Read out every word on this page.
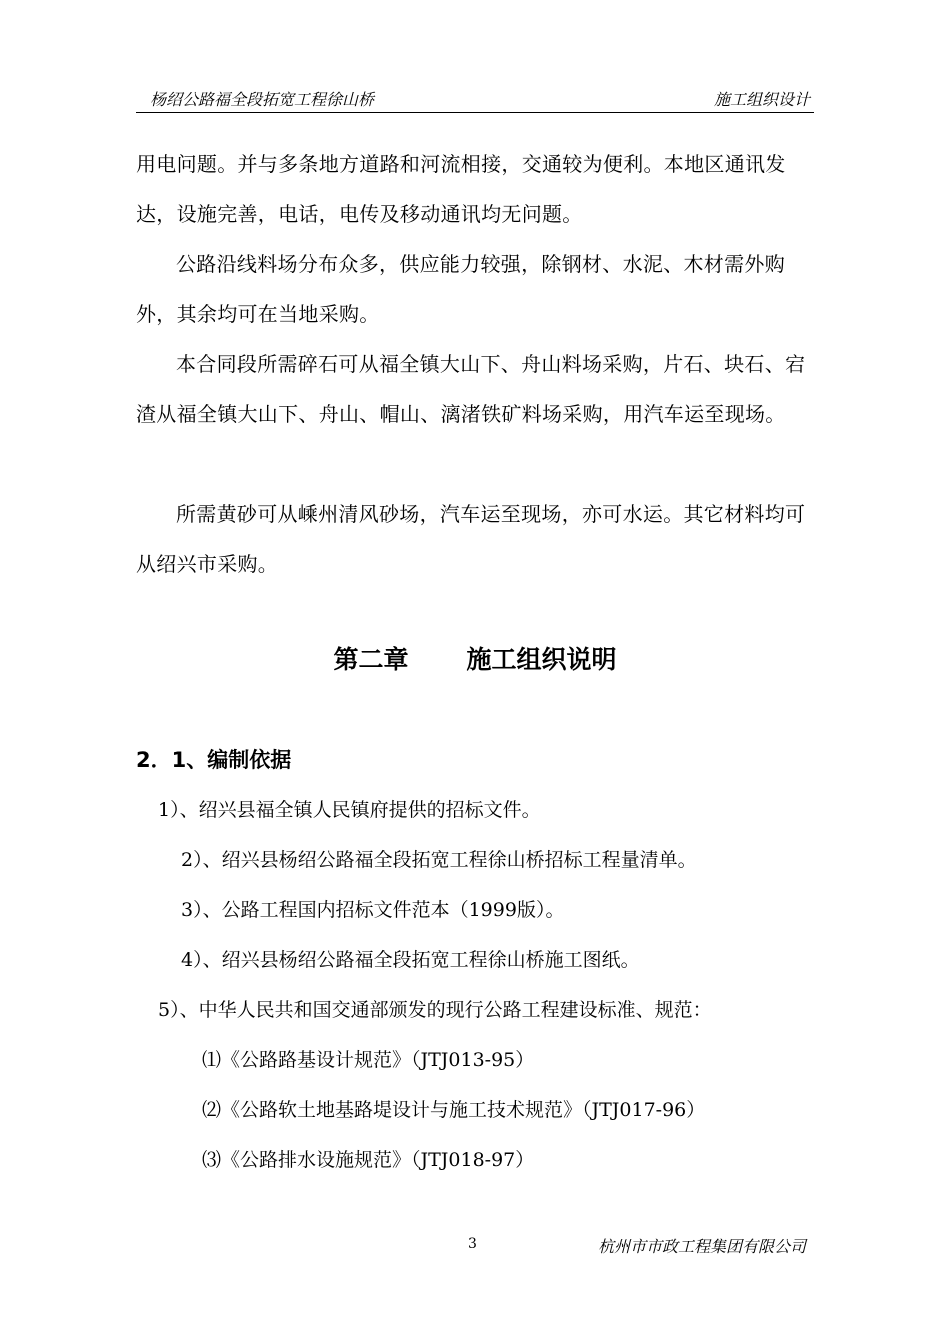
杨绍公路福全段拓宽工程徐山桥	施工组织设计

用电问题。并与多条地方道路和河流相接，交通较为便利。本地区通讯发达，设施完善，电话，电传及移动通讯均无问题。

公路沿线料场分布众多，供应能力较强，除钢材、水泥、木材需外购外，其余均可在当地采购。

本合同段所需碎石可从福全镇大山下、舟山料场采购，片石、块石、宕渣从福全镇大山下、舟山、帽山、漓渚铁矿料场采购，用汽车运至现场。

所需黄砂可从嵊州清风砂场，汽车运至现场，亦可水运。其它材料均可从绍兴市采购。

第二章 施工组织说明
2．1、编制依据
1）、绍兴县福全镇人民镇府提供的招标文件。
2）、绍兴县杨绍公路福全段拓宽工程徐山桥招标工程量清单。
3）、公路工程国内招标文件范本（1999版）。
4）、绍兴县杨绍公路福全段拓宽工程徐山桥施工图纸。
5）、中华人民共和国交通部颁发的现行公路工程建设标准、规范：
⑴《公路路基设计规范》（JTJ013-95）
⑵《公路软土地基路堤设计与施工技术规范》（JTJ017-96）
⑶《公路排水设施规范》（JTJ018-97）
3	杭州市市政工程集团有限公司
